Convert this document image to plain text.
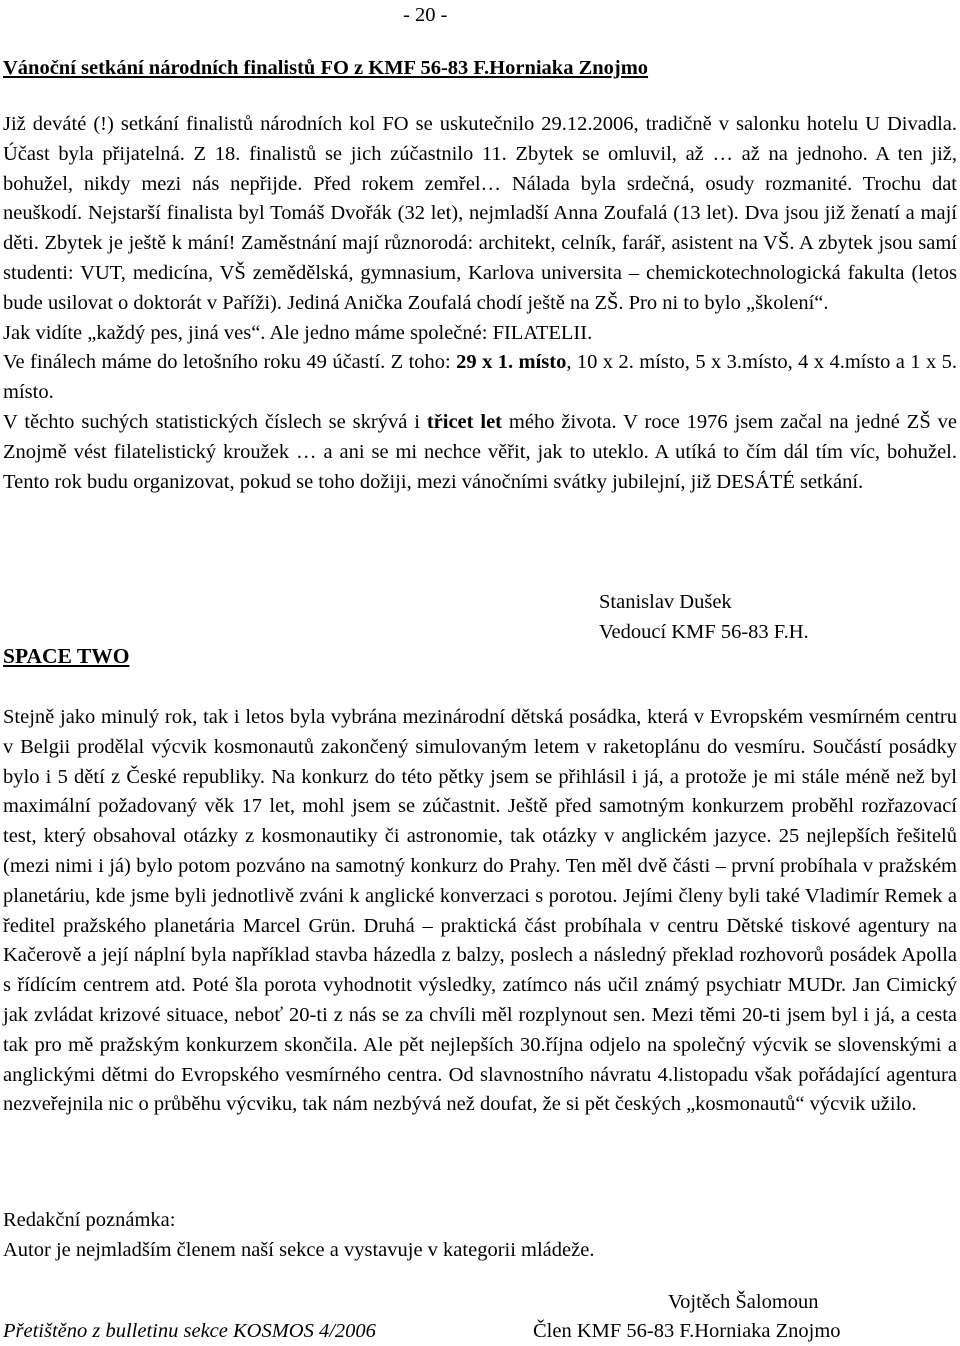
- 20 -
Vánoční setkání národních finalistů FO z KMF 56-83 F.Horniaka Znojmo

Již deváté (!) setkání finalistů národních kol FO se uskutečnilo 29.12.2006, tradičně v salonku hotelu U Divadla. Účast byla přijatelná. Z 18. finalistů se jich zúčastnilo 11. Zbytek se omluvil, až … až na jednoho. A ten již, bohužel, nikdy mezi nás nepřijde. Před rokem zemřel… Nálada byla srdečná, osudy rozmanité. Trochu dat neuškodí. Nejstarší finalista byl Tomáš Dvořák (32 let), nejmladší Anna Zoufalá (13 let). Dva jsou již ženatí a mají děti. Zbytek je ještě k mání! Zaměstnání mají různorodá: architekt, celník, farář, asistent na VŠ. A zbytek jsou samí studenti: VUT, medicína, VŠ zemědělská, gymnasium, Karlova universita – chemickotechnologická fakulta (letos bude usilovat o doktorát v Paříži). Jediná Anička Zoufalá chodí ještě na ZŠ. Pro ni to bylo „školení“.

Jak vidíte „každý pes, jiná ves“. Ale jedno máme společné: FILATELII.

Ve finálech máme do letošního roku 49 účastí. Z toho: 29 x 1. místo, 10 x 2. místo, 5 x 3.místo, 4 x 4.místo a 1 x 5. místo.

V těchto suchých statistických číslech se skrývá i třicet let mého života. V roce 1976 jsem začal na jedné ZŠ ve Znojmě vést filatelistický kroužek … a ani se mi nechce věřit, jak to uteklo. A utíká to čím dál tím víc, bohužel. Tento rok budu organizovat, pokud se toho dožiji, mezi vánočními svátky jubilejní, již DESÁTÉ setkání.

Stanislav Dušek
Vedoucí KMF 56-83 F.H.
SPACE TWO

Stejně jako minulý rok, tak i letos byla vybrána mezinárodní dětská posádka, která v Evropském vesmírném centru v Belgii prodělal výcvik kosmonautů zakončený simulovaným letem v raketoplánu do vesmíru. Součástí posádky bylo i 5 dětí z České republiky. Na konkurz do této pětky jsem se přihlásil i já, a protože je mi stále méně než byl maximální požadovaný věk 17 let, mohl jsem se zúčastnit. Ještě před samotným konkurzem proběhl rozřazovací test, který obsahoval otázky z kosmonautiky či astronomie, tak otázky v anglickém jazyce. 25 nejlepších řešitelů (mezi nimi i já) bylo potom pozváno na samotný konkurz do Prahy. Ten měl dvě části – první probíhala v pražském planetáriu, kde jsme byli jednotlivě zváni k anglické konverzaci s porotou. Jejími členy byli také Vladimír Remek a ředitel pražského planetária Marcel Grün. Druhá – praktická část probíhala v centru Dětské tiskové agentury na Kačerově a její náplní byla například stavba házedla z balzy, poslech a následný překlad rozhovorů posádek Apolla s řídícím centrem atd. Poté šla porota vyhodnotit výsledky, zatímco nás učil známý psychiatr MUDr. Jan Cimický jak zvládat krizové situace, neboť 20-ti z nás se za chvíli měl rozplynout sen. Mezi těmi 20-ti jsem byl i já, a cesta tak pro mě pražským konkurzem skončila. Ale pět nejlepších 30.října odjelo na společný výcvik se slovenskými a anglickými dětmi do Evropského vesmírného centra. Od slavnostního návratu 4.listopadu však pořádající agentura nezveřejnila nic o průběhu výcviku, tak nám nezbývá než doufat, že si pět českých „kosmonautů“ výcvik užilo.

Redakční poznámka:
Autor je nejmladším členem naší sekce a vystavuje v kategorii mládeže.
Vojtěch Šalomoun
Přetištěno z bulletinu sekce KOSMOS 4/2006	Člen KMF 56-83 F.Horniaka Znojmo
